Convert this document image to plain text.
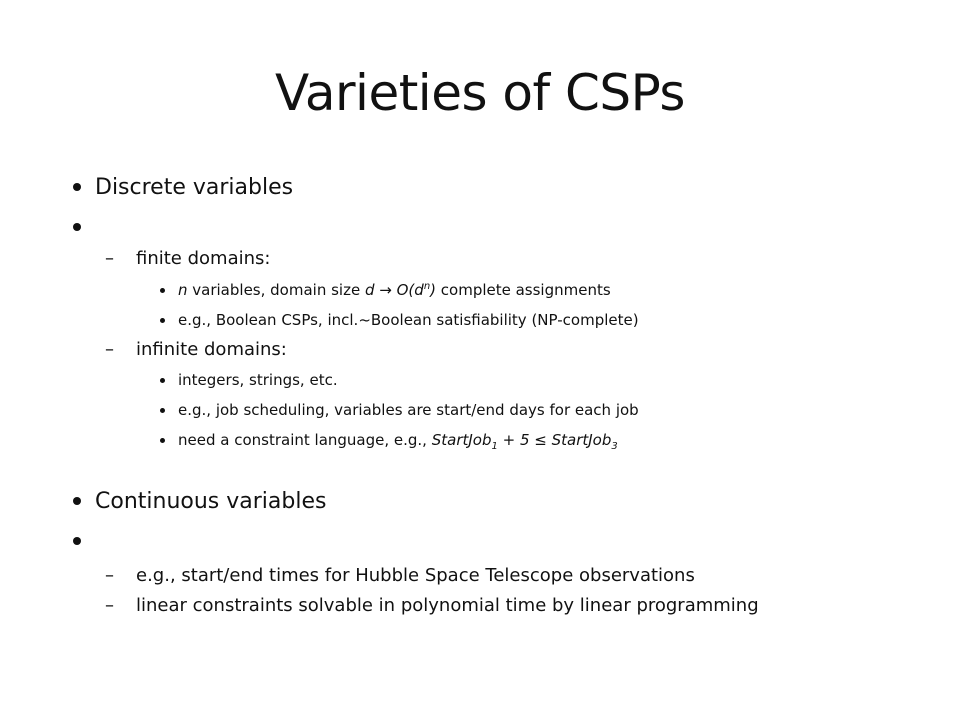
Varieties of CSPs
Discrete variables
– finite domains:
n variables, domain size $d \to O(d^n)$ complete assignments
e.g., Boolean CSPs, incl.~Boolean satisfiability (NP-complete)
– infinite domains:
integers, strings, etc.
e.g., job scheduling, variables are start/end days for each job
need a constraint language, e.g., StartJob$_1$ + 5 ≤ StartJob$_3$
Continuous variables
– e.g., start/end times for Hubble Space Telescope observations
– linear constraints solvable in polynomial time by linear programming
